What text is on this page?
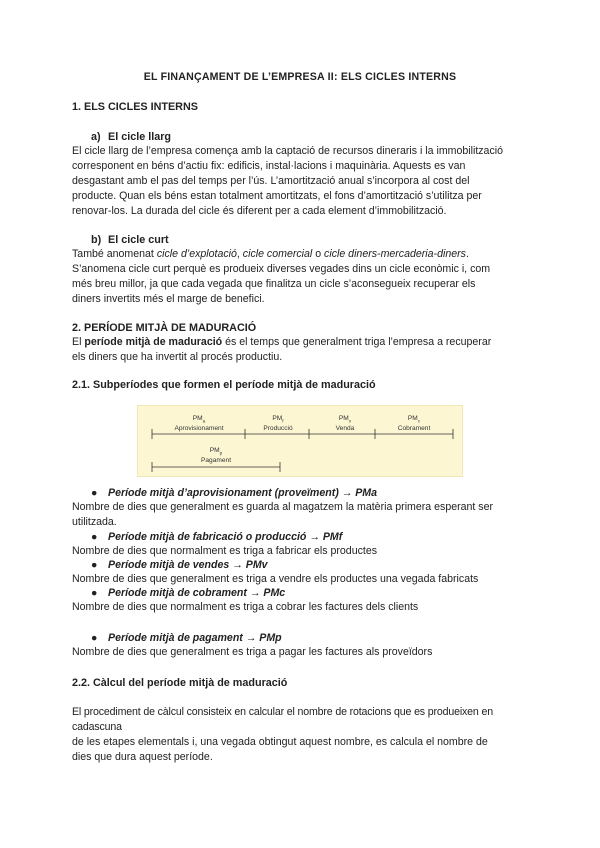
EL FINANÇAMENT DE L’EMPRESA II: ELS CICLES INTERNS
1. ELS CICLES INTERNS
a) El cicle llarg
El cicle llarg de l’empresa comença amb la captació de recursos dineraris i la immobilització
corresponent en béns d’actiu fix: edificis, instal·lacions i maquinària. Aquests es van
desgastant amb el pas del temps per l’ús. L’amortització anual s’incorpora al cost del
producte. Quan els béns estan totalment amortitzats, el fons d’amortització s’utilitza per
renovar-los. La durada del cicle és diferent per a cada element d’immobilització.
b) El cicle curt
També anomenat cicle d’explotació, cicle comercial o cicle diners-mercaderia-diners.
S’anomena cicle curt perquè es produeix diverses vegades dins un cicle econòmic i, com
més breu millor, ja que cada vegada que finalitza un cicle s’aconsegueix recuperar els
diners invertits més el marge de benefici.
2. PERÍODE MITJÀ DE MADURACIÓ
El període mitjà de maduració és el temps que generalment triga l’empresa a recuperar
els diners que ha invertit al procés productiu.
2.1. Subperíodes que formen el període mitjà de maduració
$PM_a$
Aprovisionament
$PM_f$
Producció
$PM_v$
Venda
$PM_c$
Cobrament
$PM_p$
Pagament
● Període mitjà d’aprovisionament (proveïment) → PMa
Nombre de dies que generalment es guarda al magatzem la matèria primera esperant ser
utilitzada.
● Període mitjà de fabricació o producció → PMf
Nombre de dies que normalment es triga a fabricar els productes
● Període mitjà de vendes → PMv
Nombre de dies que generalment es triga a vendre els productes una vegada fabricats
● Període mitjà de cobrament → PMc
Nombre de dies que normalment es triga a cobrar les factures dels clients
● Període mitjà de pagament → PMp
Nombre de dies que generalment es triga a pagar les factures als proveïdors
2.2. Càlcul del període mitjà de maduració
El procediment de càlcul consisteix en calcular el nombre de rotacions que es produeixen en cadascuna
de les etapes elementals i, una vegada obtingut aquest nombre, es calcula el nombre de
dies que dura aquest període.
